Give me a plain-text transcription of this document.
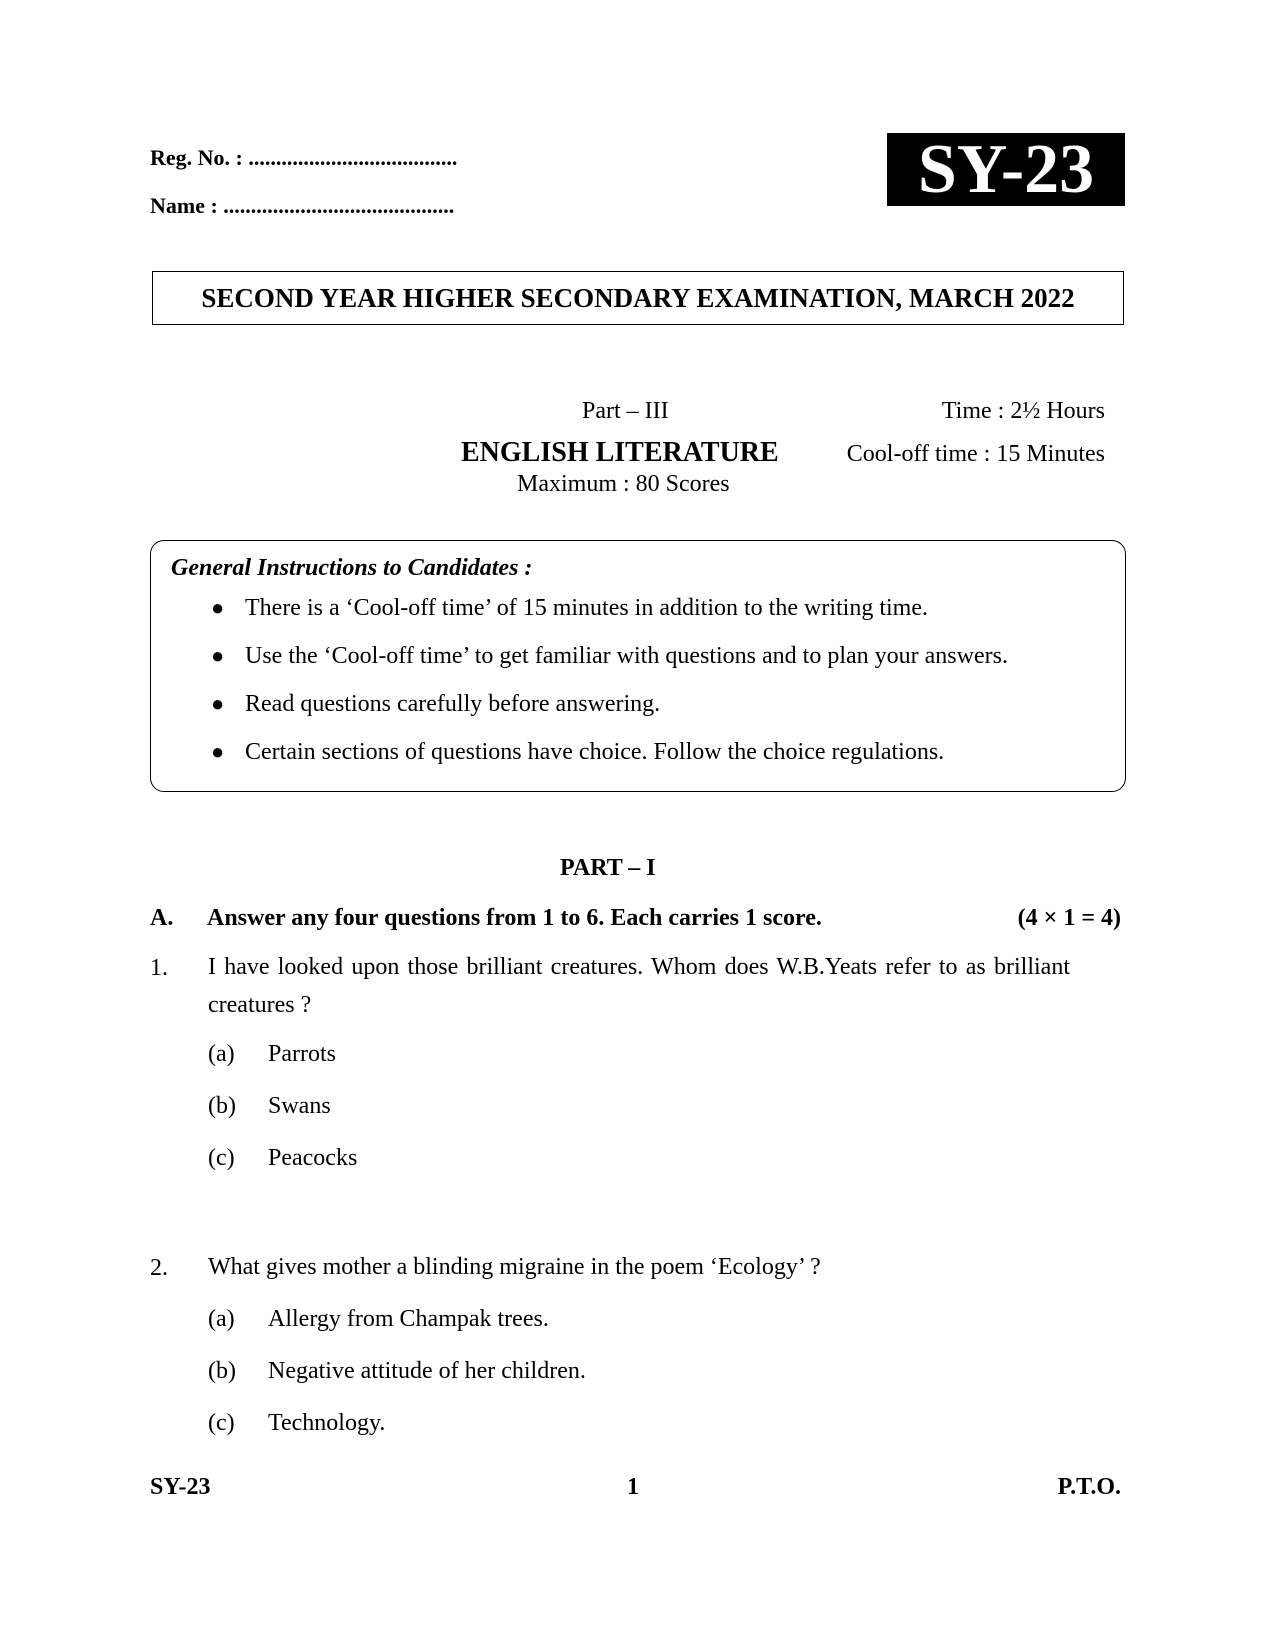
Reg. No. : ......................................
Name : ..........................................	SY-23
SECOND YEAR HIGHER SECONDARY EXAMINATION, MARCH 2022
Part – III	Time : 2½ Hours
ENGLISH LITERATURE	Cool-off time : 15 Minutes
Maximum : 80 Scores
General Instructions to Candidates :
● There is a ‘Cool-off time’ of 15 minutes in addition to the writing time.
● Use the ‘Cool-off time’ to get familiar with questions and to plan your answers.
● Read questions carefully before answering.
● Certain sections of questions have choice. Follow the choice regulations.
PART – I
A. Answer any four questions from 1 to 6. Each carries 1 score.	(4 × 1 = 4)
1. I have looked upon those brilliant creatures. Whom does W.B.Yeats refer to as brilliant creatures ?
(a) Parrots
(b) Swans
(c) Peacocks
2. What gives mother a blinding migraine in the poem ‘Ecology’ ?
(a) Allergy from Champak trees.
(b) Negative attitude of her children.
(c) Technology.
SY-23	1	P.T.O.
